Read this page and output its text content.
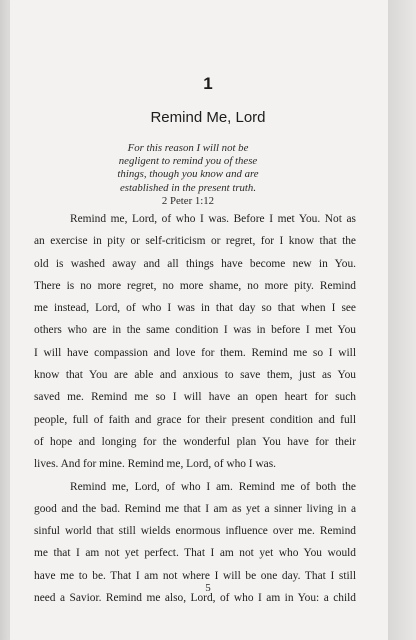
1
Remind Me, Lord
For this reason I will not be
negligent to remind you of these
things, though you know and are
established in the present truth.
2 Peter 1:12
Remind me, Lord, of who I was. Before I met You. Not as
an exercise in pity or self-criticism or regret, for I know that the
old is washed away and all things have become new in You.
There is no more regret, no more shame, no more pity. Remind
me instead, Lord, of who I was in that day so that when I see
others who are in the same condition I was in before I met You
I will have compassion and love for them. Remind me so I will
know that You are able and anxious to save them, just as You
saved me. Remind me so I will have an open heart for such
people, full of faith and grace for their present condition and full
of hope and longing for the wonderful plan You have for their
lives. And for mine. Remind me, Lord, of who I was.
Remind me, Lord, of who I am. Remind me of both the
good and the bad. Remind me that I am as yet a sinner living in a
sinful world that still wields enormous influence over me. Remind
me that I am not yet perfect. That I am not yet who You would
have me to be. That I am not where I will be one day. That I still
need a Savior. Remind me also, Lord, of who I am in You: a child
5
